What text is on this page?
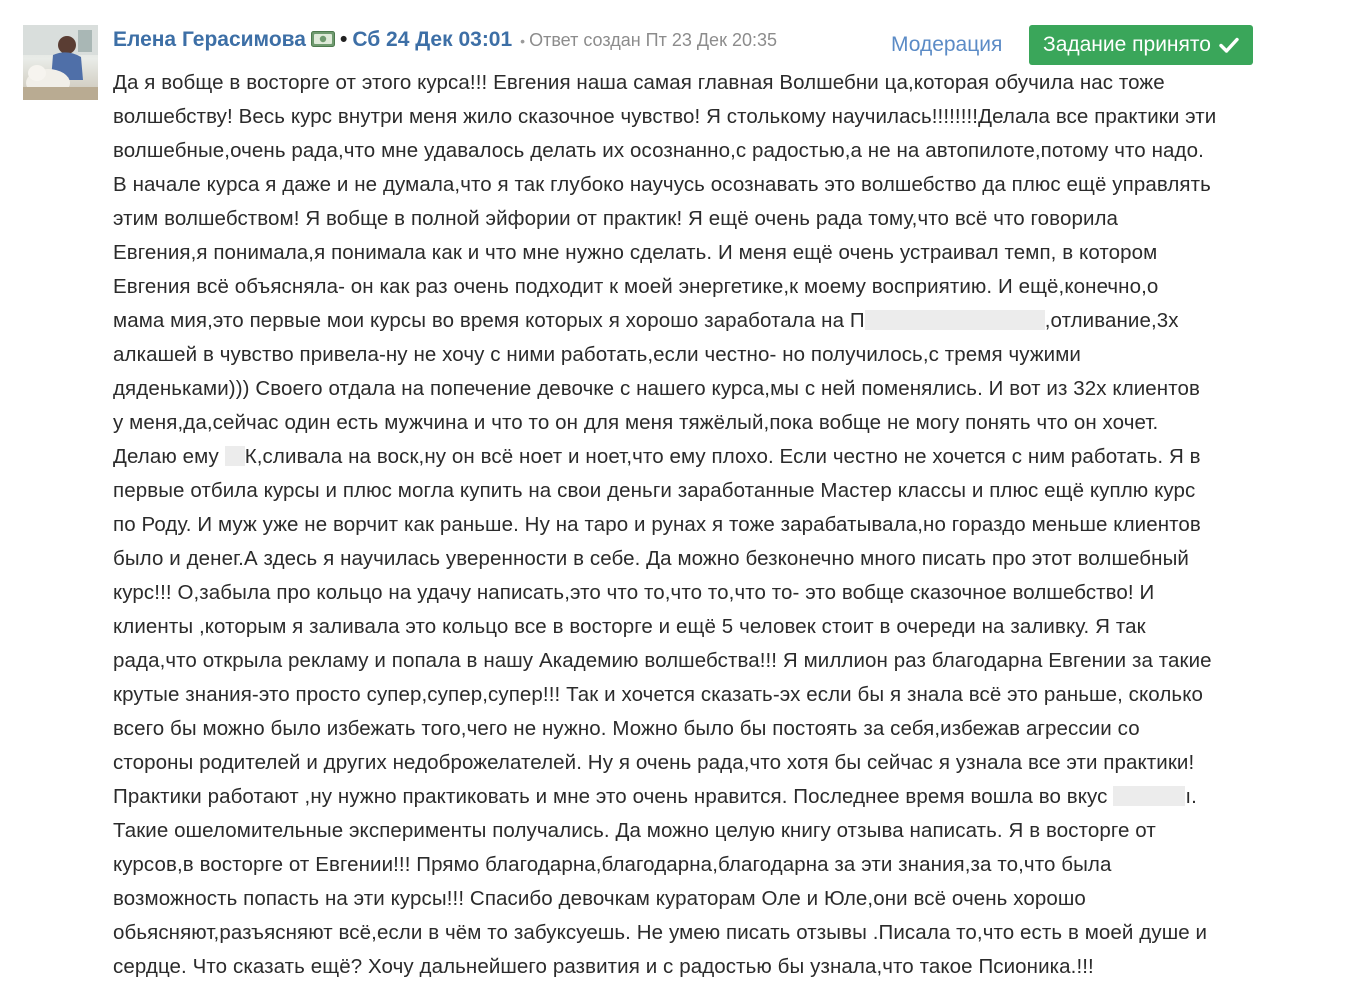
Елена Герасимова • Сб 24 Дек 03:01 • Ответ создан Пт 23 Дек 20:35	Модерация Задание принято
Да я вобще в восторге от этого курса!!! Евгения наша самая главная Волшебни ца,которая обучила нас тоже
волшебству! Весь курс внутри меня жило сказочное чувство! Я столькому научилась!!!!!!!!Делала все практики эти
волшебные,очень рада,что мне удавалось делать их осознанно,с радостью,а не на автопилоте,потому что надо.
В начале курса я даже и не думала,что я так глубоко научусь осознавать это волшебство да плюс ещё управлять
этим волшебством! Я вобще в полной эйфории от практик! Я ещё очень рада тому,что всё что говорила
Евгения,я понимала,я понимала как и что мне нужно сделать. И меня ещё очень устраивал темп, в котором
Евгения всё объясняла- он как раз очень подходит к моей энергетике,к моему восприятию. И ещё,конечно,о
мама мия,это первые мои курсы во время которых я хорошо заработала на П	,отливание,3х
алкашей в чувство привела-ну не хочу с ними работать,если честно- но получилось,с тремя чужими
дяденьками))) Своего отдала на попечение девочке с нашего курса,мы с ней поменялись. И вот из 32х клиентов
у меня,да,сейчас один есть мужчина и что то он для меня тяжёлый,пока вобще не могу понять что он хочет.
Делаю ему К,сливала на воск,ну он всё ноет и ноет,что ему плохо. Если честно не хочется с ним работать. Я в
первые отбила курсы и плюс могла купить на свои деньги заработанные Мастер классы и плюс ещё куплю курс
по Роду. И муж уже не ворчит как раньше. Ну на таро и рунах я тоже зарабатывала,но гораздо меньше клиентов
было и денег.А здесь я научилась уверенности в себе. Да можно безконечно много писать про этот волшебный
курс!!! О,забыла про кольцо на удачу написать,это что то,что то,что то- это вобще сказочное волшебство! И
клиенты ,которым я заливала это кольцо все в восторге и ещё 5 человек стоит в очереди на заливку. Я так
рада,что открыла рекламу и попала в нашу Академию волшебства!!! Я миллион раз благодарна Евгении за такие
крутые знания-это просто супер,супер,супер!!! Так и хочется сказать-эх если бы я знала всё это раньше, сколько
всего бы можно было избежать того,чего не нужно. Можно было бы постоять за себя,избежав агрессии со
стороны родителей и других недоброжелателей. Ну я очень рада,что хотя бы сейчас я узнала все эти практики!
Практики работают ,ну нужно практиковать и мне это очень нравится. Последнее время вошла во вкус	ı.
Такие ошеломительные эксперименты получались. Да можно целую книгу отзыва написать. Я в восторге от
курсов,в восторге от Евгении!!! Прямо благодарна,благодарна,благодарна за эти знания,за то,что была
возможность попасть на эти курсы!!! Спасибо девочкам кураторам Оле и Юле,они всё очень хорошо
обьясняют,разъясняют всё,если в чём то забуксуешь. Не умею писать отзывы .Писала то,что есть в моей душе и
сердце. Что сказать ещё? Хочу дальнейшего развития и с радостью бы узнала,что такое Псионика.!!!
